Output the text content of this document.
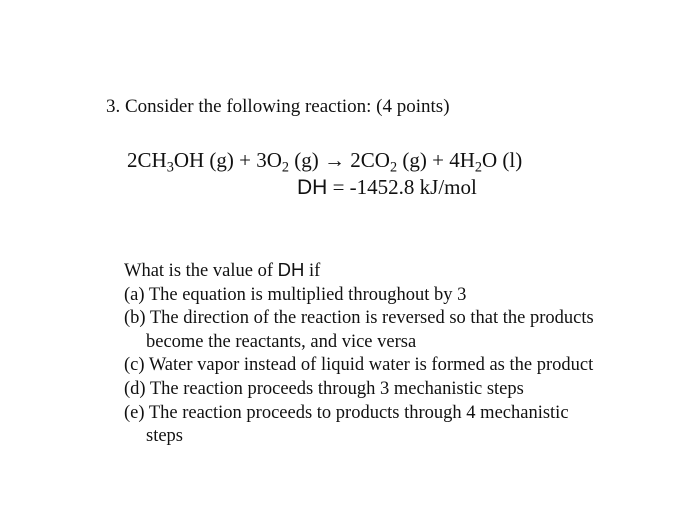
3. Consider the following reaction: (4 points)
$2CH_3OH$ $(g) + 3O_2$ $(g) \to 2CO_2$ $(g) + 4H_2O$ (l)
DH = -1452.8 kJ/mol

What is the value of DH if

(a) The equation is multiplied throughout by 3

(b) The direction of the reaction is reversed so that the products become the reactants, and vice versa

(c) Water vapor instead of liquid water is formed as the product

(d) The reaction proceeds through 3 mechanistic steps

(e) The reaction proceeds to products through 4 mechanistic steps
